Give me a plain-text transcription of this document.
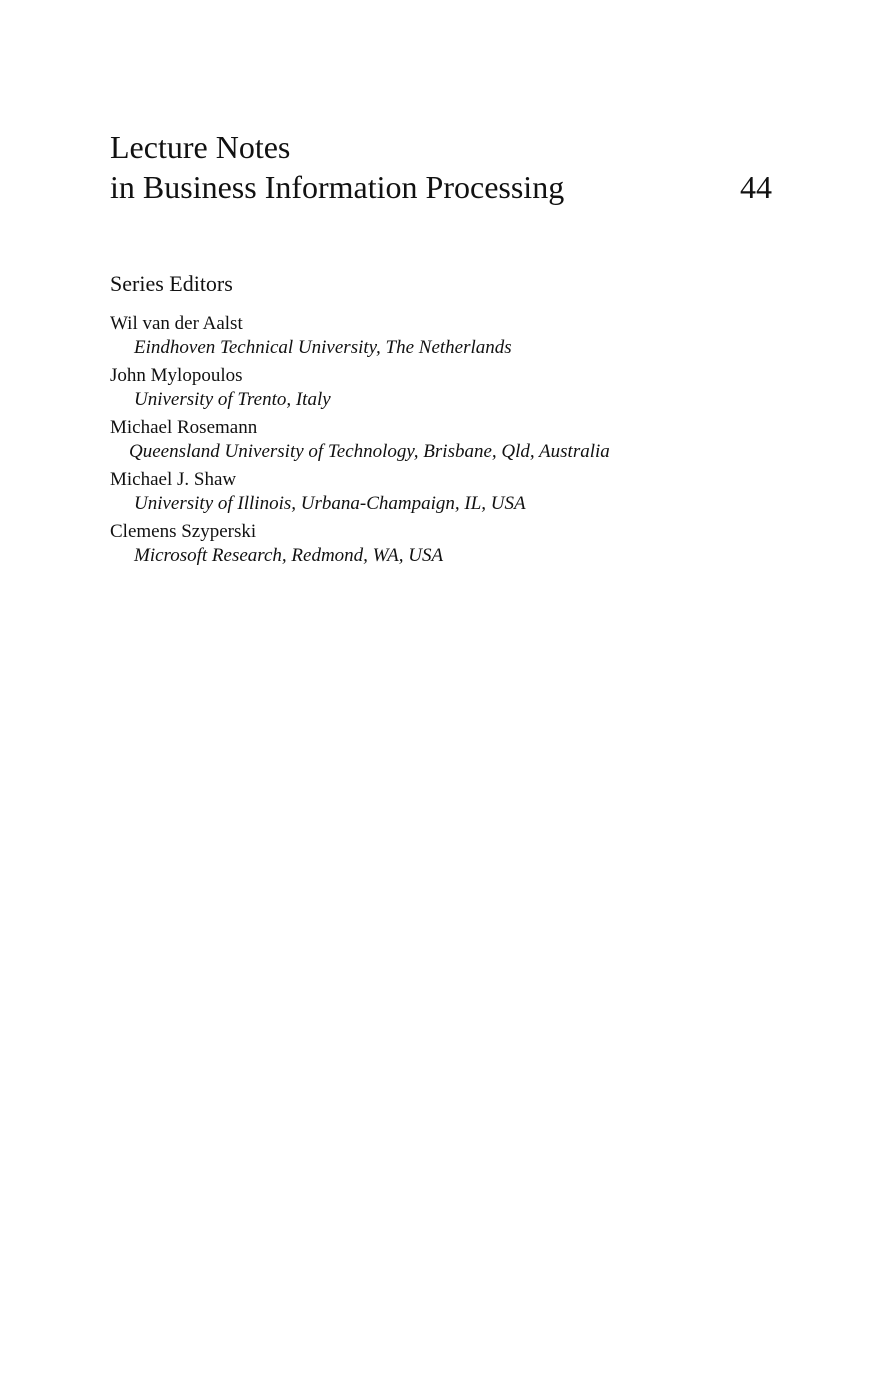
Lecture Notes
in Business Information Processing	44
Series Editors
Wil van der Aalst
Eindhoven Technical University, The Netherlands
John Mylopoulos
University of Trento, Italy
Michael Rosemann
Queensland University of Technology, Brisbane, Qld, Australia
Michael J. Shaw
University of Illinois, Urbana-Champaign, IL, USA
Clemens Szyperski
Microsoft Research, Redmond, WA, USA
